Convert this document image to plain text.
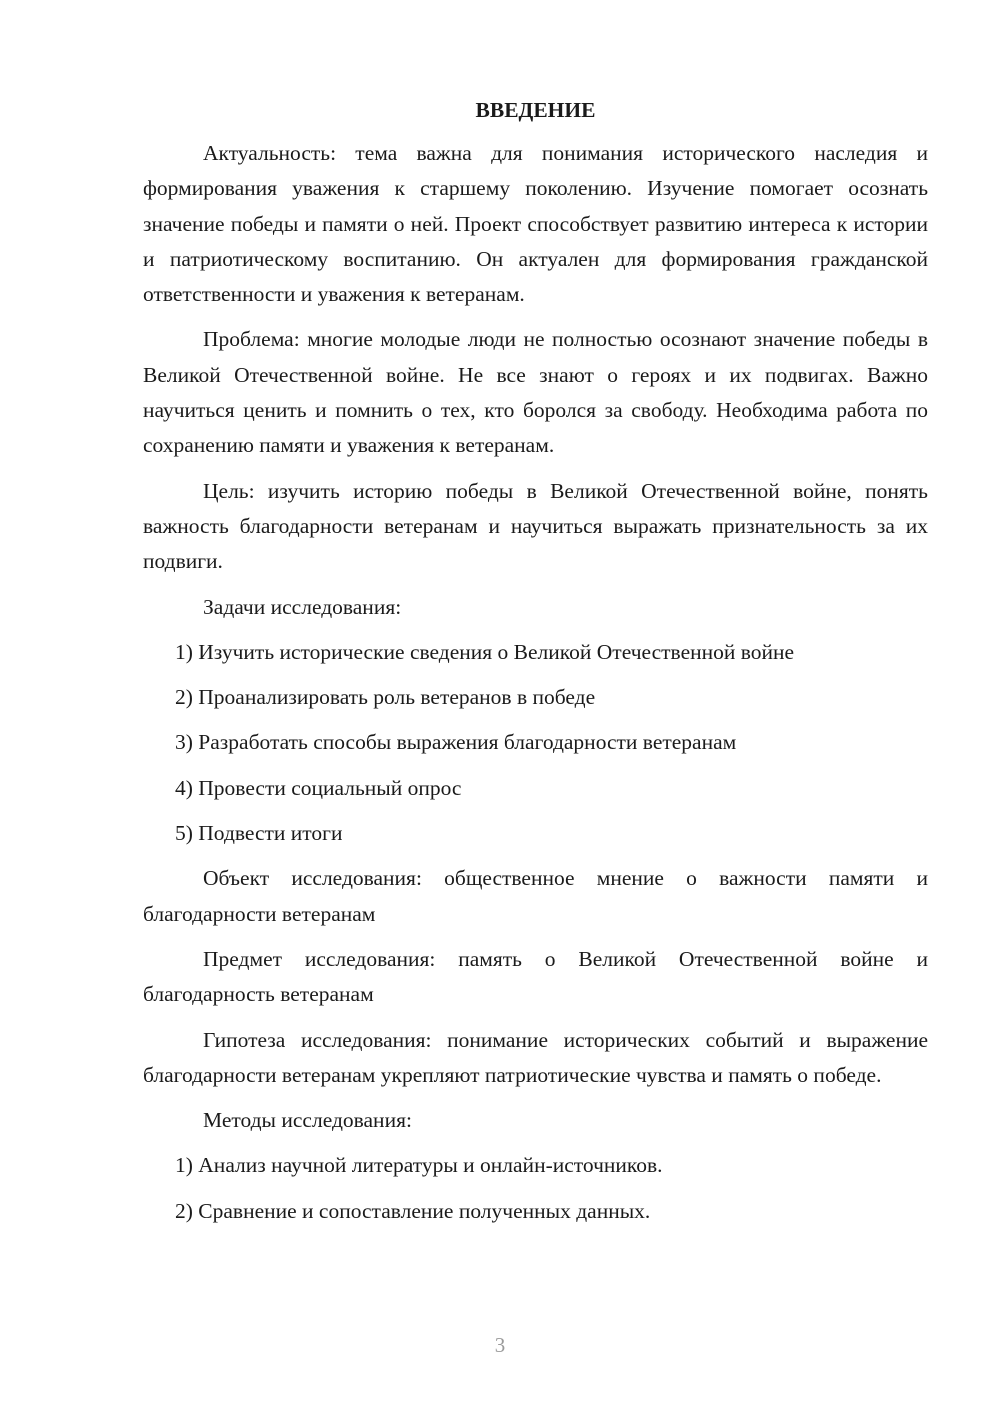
ВВЕДЕНИЕ

Актуальность: тема важна для понимания исторического наследия и формирования уважения к старшему поколению. Изучение помогает осознать значение победы и памяти о ней. Проект способствует развитию интереса к истории и патриотическому воспитанию. Он актуален для формирования гражданской ответственности и уважения к ветеранам.

Проблема: многие молодые люди не полностью осознают значение победы в Великой Отечественной войне. Не все знают о героях и их подвигах. Важно научиться ценить и помнить о тех, кто боролся за свободу. Необходима работа по сохранению памяти и уважения к ветеранам.

Цель: изучить историю победы в Великой Отечественной войне, понять важность благодарности ветеранам и научиться выражать признательность за их подвиги.

Задачи исследования:

1) Изучить исторические сведения о Великой Отечественной войне

2) Проанализировать роль ветеранов в победе

3) Разработать способы выражения благодарности ветеранам

4) Провести социальный опрос

5) Подвести итоги

Объект исследования: общественное мнение о важности памяти и благодарности ветеранам

Предмет исследования: память о Великой Отечественной войне и благодарность ветеранам

Гипотеза исследования: понимание исторических событий и выражение благодарности ветеранам укрепляют патриотические чувства и память о победе.

Методы исследования:

1) Анализ научной литературы и онлайн-источников.

2) Сравнение и сопоставление полученных данных.

3
